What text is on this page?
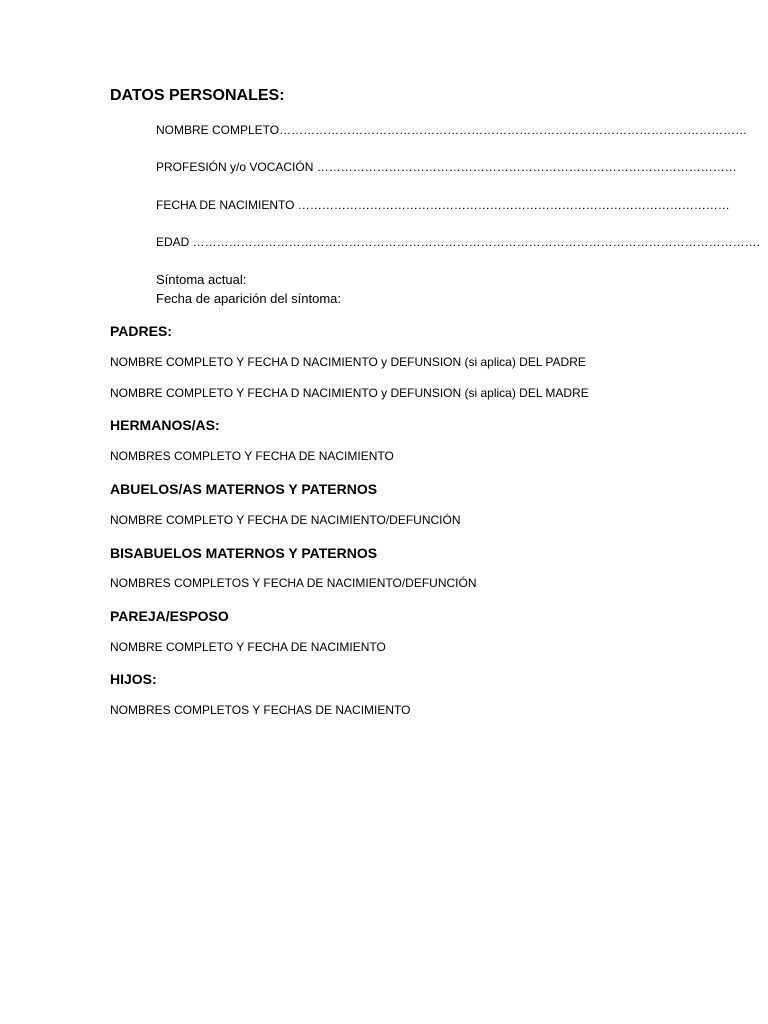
DATOS PERSONALES:
NOMBRE COMPLETO………………………………………………………………………………………………………
PROFESIÓN y/o VOCACIÓN ……………………………………………………………………………………………
FECHA DE NACIMIENTO ………………………………………………………………………………………………
EDAD …………………………………………………………………………………………………………………………….
Síntoma actual:
Fecha de aparición del síntoma:
PADRES:
NOMBRE COMPLETO Y FECHA D NACIMIENTO y DEFUNSION (si aplica) DEL PADRE
NOMBRE COMPLETO Y FECHA D NACIMIENTO y DEFUNSION (si aplica) DEL MADRE
HERMANOS/AS:
NOMBRES COMPLETO Y FECHA DE NACIMIENTO
ABUELOS/AS MATERNOS Y PATERNOS
NOMBRE COMPLETO Y FECHA DE NACIMIENTO/DEFUNCIÓN
BISABUELOS MATERNOS Y PATERNOS
NOMBRES COMPLETOS Y FECHA DE NACIMIENTO/DEFUNCIÓN
PAREJA/ESPOSO
NOMBRE COMPLETO Y FECHA DE NACIMIENTO
HIJOS:
NOMBRES COMPLETOS Y FECHAS DE NACIMIENTO
